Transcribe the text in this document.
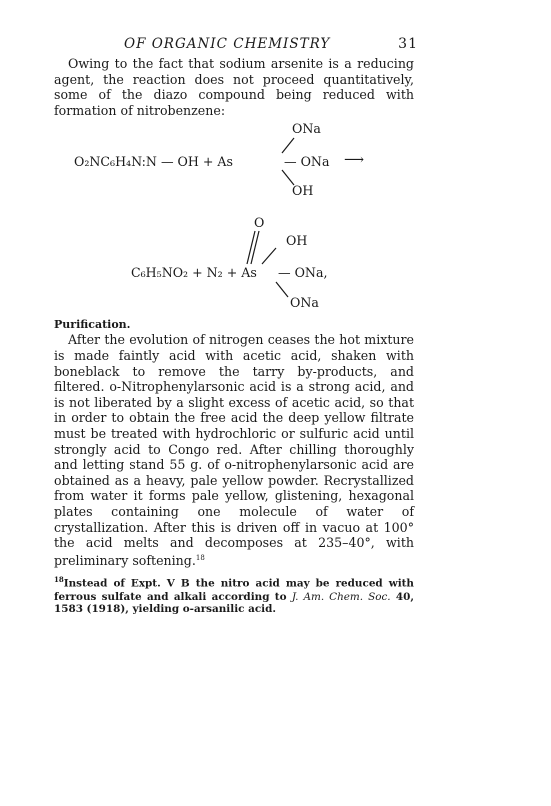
OF ORGANIC CHEMISTRY	31

Owing to the fact that sodium arsenite is a reducing agent, the reaction does not proceed quantitatively, some of the diazo compound being reduced with formation of nitrobenzene:

ONa
O₂NC₆H₄N:N — OH + As	— ONa ⟶
OH
O
OH
C₆H₅NO₂ + N₂ + As — ONa,
ONa

Purification.

After the evolution of nitrogen ceases the hot mixture is made faintly acid with acetic acid, shaken with boneblack to remove the tarry by-products, and filtered. o-Nitrophenylarsonic acid is a strong acid, and is not liberated by a slight excess of acetic acid, so that in order to obtain the free acid the deep yellow filtrate must be treated with hydrochloric or sulfuric acid until strongly acid to Congo red. After chilling thoroughly and letting stand 55 g. of o-nitrophenylarsonic acid are obtained as a heavy, pale yellow powder. Recrystallized from water it forms pale yellow, glistening, hexagonal plates containing one molecule of water of crystallization. After this is driven off in vacuo at 100° the acid melts and decomposes at 235–40°, with preliminary softening.$^{18}$

$^{18}$Instead of Expt. V B the nitro acid may be reduced with ferrous sulfate and alkali according to J. Am. Chem. Soc. 40, 1583 (1918), yielding o-arsanilic acid.
